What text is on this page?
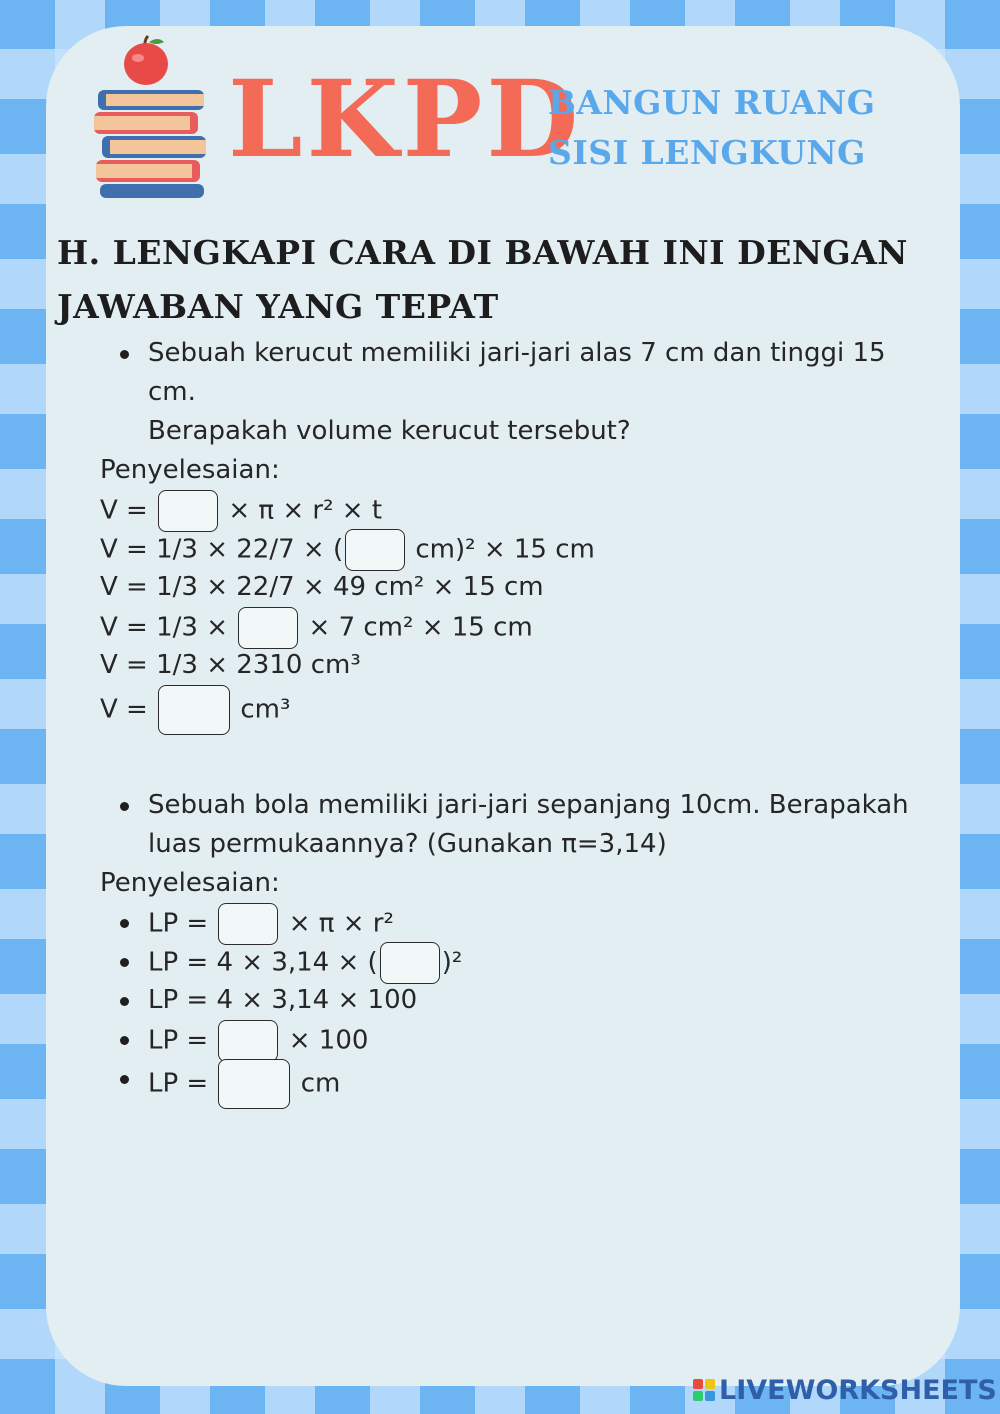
LKPD
BANGUN RUANG
SISI LENGKUNG
H. LENGKAPI CARA DI BAWAH INI DENGAN
JAWABAN YANG TEPAT
Sebuah kerucut memiliki jari-jari alas 7 cm dan tinggi 15 cm.
Berapakah volume kerucut tersebut?
Penyelesaian:
V =  × π × r² × t
V = 1/3 × 22/7 × ( cm)² × 15 cm
V = 1/3 × 22/7 × 49 cm² × 15 cm
V = 1/3 ×  × 7 cm² × 15 cm
V = 1/3 × 2310 cm³
V =	cm³
Sebuah bola memiliki jari-jari sepanjang 10cm. Berapakah
luas permukaannya? (Gunakan π=3,14)
Penyelesaian:
LP =  × π × r²
LP = 4 × 3,14 × ( )²
LP = 4 × 3,14 × 100
LP =  × 100
LP =	cm
LIVEWORKSHEETS
